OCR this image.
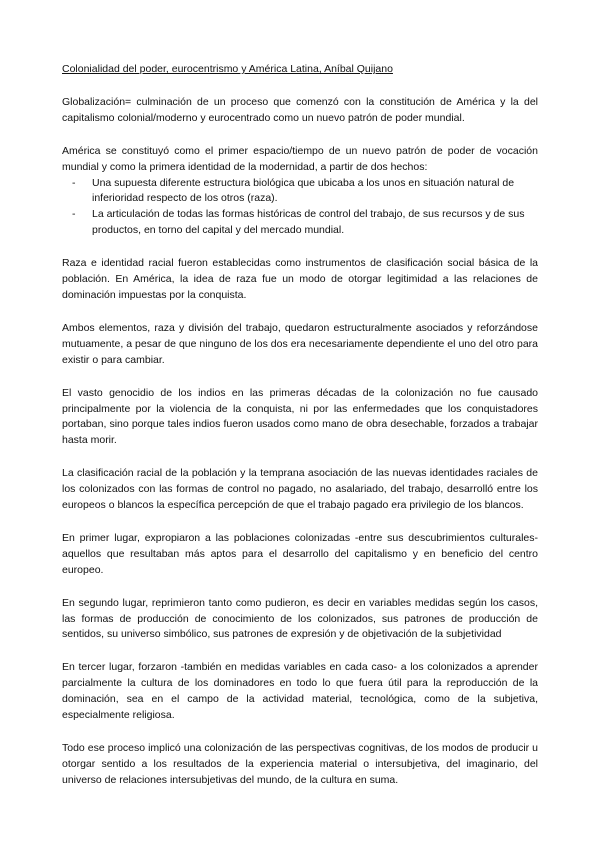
Colonialidad del poder, eurocentrismo y América Latina, Aníbal Quijano

Globalización= culminación de un proceso que comenzó con la constitución de América y la del capitalismo colonial/moderno y eurocentrado como un nuevo patrón de poder mundial.

América se constituyó como el primer espacio/tiempo de un nuevo patrón de poder de vocación mundial y como la primera identidad de la modernidad, a partir de dos hechos:

- Una supuesta diferente estructura biológica que ubicaba a los unos en situación natural de inferioridad respecto de los otros (raza).
- La articulación de todas las formas históricas de control del trabajo, de sus recursos y de sus productos, en torno del capital y del mercado mundial.

Raza e identidad racial fueron establecidas como instrumentos de clasificación social básica de la población. En América, la idea de raza fue un modo de otorgar legitimidad a las relaciones de dominación impuestas por la conquista.

Ambos elementos, raza y división del trabajo, quedaron estructuralmente asociados y reforzándose mutuamente, a pesar de que ninguno de los dos era necesariamente dependiente el uno del otro para existir o para cambiar.

El vasto genocidio de los indios en las primeras décadas de la colonización no fue causado principalmente por la violencia de la conquista, ni por las enfermedades que los conquistadores portaban, sino porque tales indios fueron usados como mano de obra desechable, forzados a trabajar hasta morir.

La clasificación racial de la población y la temprana asociación de las nuevas identidades raciales de los colonizados con las formas de control no pagado, no asalariado, del trabajo, desarrolló entre los europeos o blancos la específica percepción de que el trabajo pagado era privilegio de los blancos.

En primer lugar, expropiaron a las poblaciones colonizadas -entre sus descubrimientos culturales- aquellos que resultaban más aptos para el desarrollo del capitalismo y en beneficio del centro europeo.

En segundo lugar, reprimieron tanto como pudieron, es decir en variables medidas según los casos, las formas de producción de conocimiento de los colonizados, sus patrones de producción de sentidos, su universo simbólico, sus patrones de expresión y de objetivación de la subjetividad

En tercer lugar, forzaron -también en medidas variables en cada caso- a los colonizados a aprender parcialmente la cultura de los dominadores en todo lo que fuera útil para la reproducción de la dominación, sea en el campo de la actividad material, tecnológica, como de la subjetiva, especialmente religiosa.

Todo ese proceso implicó una colonización de las perspectivas cognitivas, de los modos de producir u otorgar sentido a los resultados de la experiencia material o intersubjetiva, del imaginario, del universo de relaciones intersubjetivas del mundo, de la cultura en suma.
